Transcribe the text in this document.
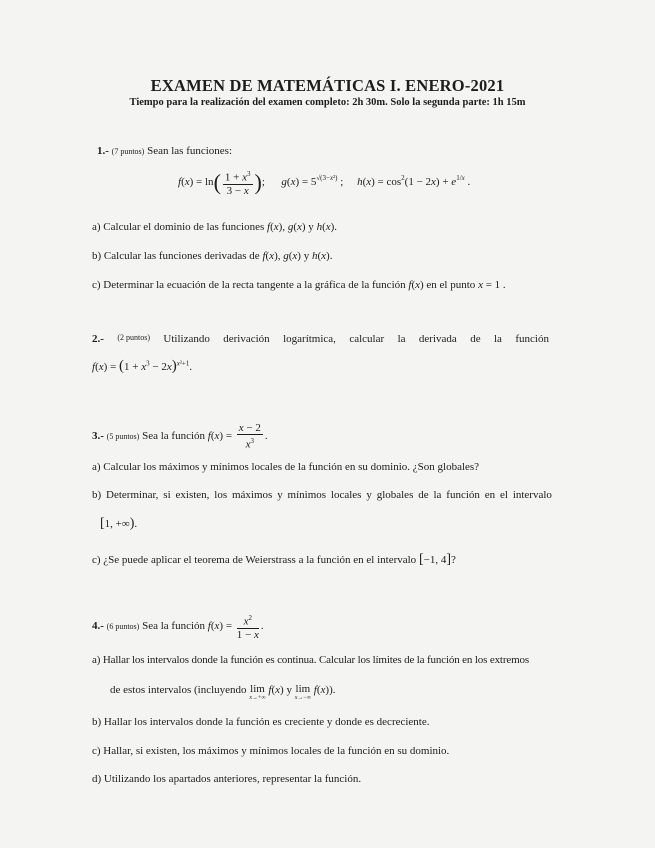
EXAMEN DE MATEMÁTICAS I. ENERO-2021
Tiempo para la realización del examen completo: 2h 30m. Solo la segunda parte: 1h 15m
1.- (7 puntos) Sean las funciones:
$f(x) = \ln( \frac{1 + x^3}{3 - x}$ );      $g(x) = 5^{√(3-x^2)}$ ;     $h(x) = \cos^2(1 - 2x) + e^{1/x}$ .
a) Calcular el dominio de las funciones f(x), g(x) y h(x).
b) Calcular las funciones derivadas de f(x), g(x) y h(x).
c) Determinar la ecuación de la recta tangente a la gráfica de la función f(x) en el punto x = 1 .
2.- (2 puntos) Utilizando derivación logarítmica, calcular la derivada de la función
$f(x) = (1 + x^3 - 2x)^{x^2+1}$.
3.- (5 puntos) Sea la función $f(x) = \frac{x - 2}{x^3}$ .
a) Calcular los máximos y mínimos locales de la función en su dominio. ¿Son globales?
b) Determinar, si existen, los máximos y mínimos locales y globales de la función en el intervalo
[1, +∞).
c) ¿Se puede aplicar el teorema de Weierstrass a la función en el intervalo [−1, 4]?
4.- (6 puntos) Sea la función $f(x) = \frac{x^2}{1 - x}$ .
a) Hallar los intervalos donde la función es continua. Calcular los límites de la función en los extremos
de estos intervalos (incluyendo lim
x→+∞
f(x) y lim
x→−∞
f(x)).
b) Hallar los intervalos donde la función es creciente y donde es decreciente.
c) Hallar, si existen, los máximos y mínimos locales de la función en su dominio.
d) Utilizando los apartados anteriores, representar la función.
